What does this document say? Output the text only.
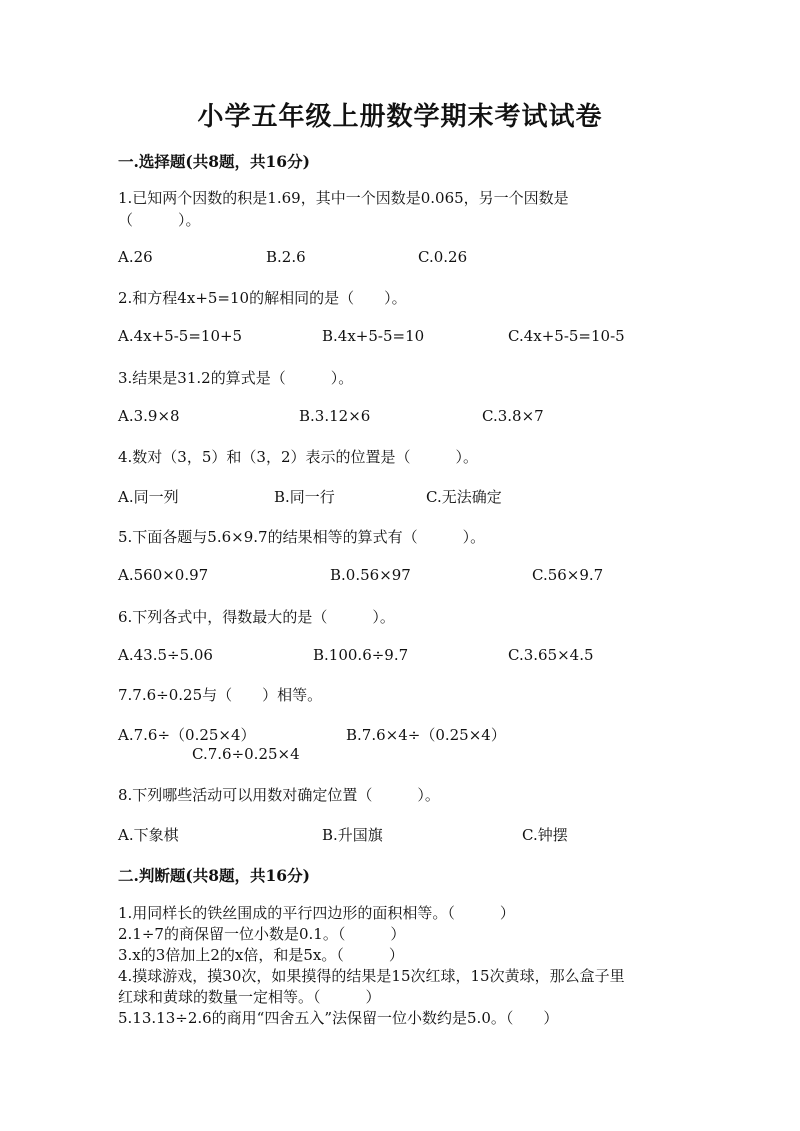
小学五年级上册数学期末考试试卷
一.选择题(共8题，共16分)
1.已知两个因数的积是1.69，其中一个因数是0.065，另一个因数是
（　　　）。
A.26	B.2.6	C.0.26
2.和方程4x+5=10的解相同的是（　　）。
A.4x+5-5=10+5	B.4x+5-5=10	C.4x+5-5=10-5
3.结果是31.2的算式是（　　　）。
A.3.9×8	B.3.12×6	C.3.8×7
4.数对（3，5）和（3，2）表示的位置是（　　　）。
A.同一列	B.同一行	C.无法确定
5.下面各题与5.6×9.7的结果相等的算式有（　　　）。
A.560×0.97	B.0.56×97	C.56×9.7
6.下列各式中，得数最大的是（　　　）。
A.43.5÷5.06	B.100.6÷9.7	C.3.65×4.5
7.7.6÷0.25与（　　）相等。
A.7.6÷（0.25×4）	B.7.6×4÷（0.25×4）
C.7.6÷0.25×4
8.下列哪些活动可以用数对确定位置（　　　）。
A.下象棋	B.升国旗	C.钟摆
二.判断题(共8题，共16分)
1.用同样长的铁丝围成的平行四边形的面积相等。（　　　）
2.1÷7的商保留一位小数是0.1。（　　　）
3.x的3倍加上2的x倍，和是5x。（　　　）
4.摸球游戏，摸30次，如果摸得的结果是15次红球，15次黄球，那么盒子里
红球和黄球的数量一定相等。（　　　）
5.13.13÷2.6的商用“四舍五入”法保留一位小数约是5.0。（　　）
